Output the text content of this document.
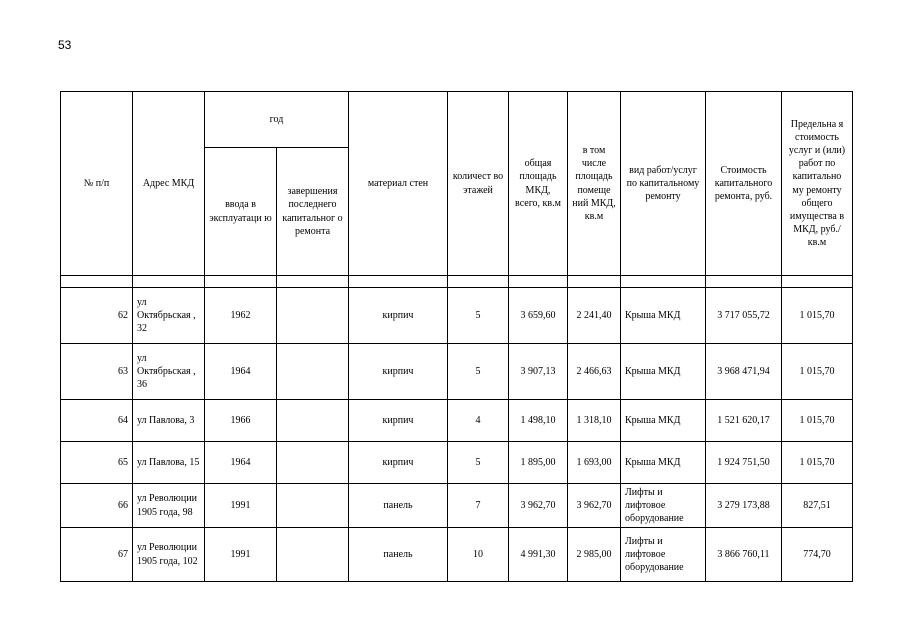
53
№ п/п	Адрес МКД	год		материал стен	количест во этажей	общая площадь МКД, всего, кв.м	в том числе площадь помеще ний МКД, кв.м	вид работ/услуг по капитальному ремонту	Стоимость капитального ремонта, руб.	Предельна я стоимость услуг и (или) работ по капитально му ремонту общего имущества в МКД, руб./кв.м
		ввода в эксплуатаци ю	завершения последнего капитальног о ремонта							

62	ул Октябрьская , 32	1962		кирпич	5	3 659,60	2 241,40	Крыша МКД	3 717 055,72	1 015,70
63	ул Октябрьская , 36	1964		кирпич	5	3 907,13	2 466,63	Крыша МКД	3 968 471,94	1 015,70
64	ул Павлова, 3	1966		кирпич	4	1 498,10	1 318,10	Крыша МКД	1 521 620,17	1 015,70
65	ул Павлова, 15	1964		кирпич	5	1 895,00	1 693,00	Крыша МКД	1 924 751,50	1 015,70
66	ул Революции 1905 года, 98	1991		панель	7	3 962,70	3 962,70	Лифты и лифтовое оборудование	3 279 173,88	827,51
67	ул Революции 1905 года, 102	1991		панель	10	4 991,30	2 985,00	Лифты и лифтовое оборудование	3 866 760,11	774,70
